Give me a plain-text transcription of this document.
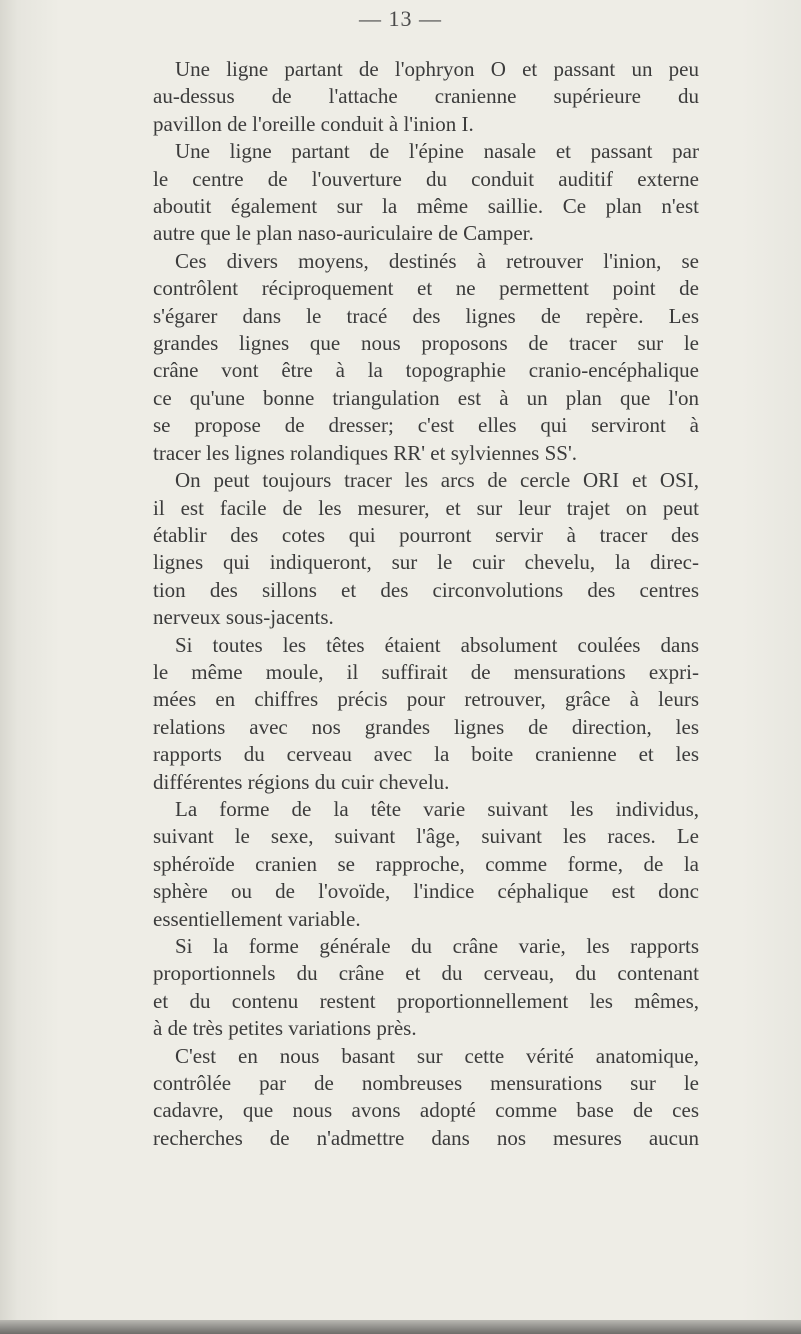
— 13 —
Une ligne partant de l'ophryon O et passant un peu
au-dessus de l'attache cranienne supérieure du
pavillon de l'oreille conduit à l'inion I.
Une ligne partant de l'épine nasale et passant par
le centre de l'ouverture du conduit auditif externe
aboutit également sur la même saillie. Ce plan n'est
autre que le plan naso-auriculaire de Camper.
Ces divers moyens, destinés à retrouver l'inion, se
contrôlent réciproquement et ne permettent point de
s'égarer dans le tracé des lignes de repère. Les
grandes lignes que nous proposons de tracer sur le
crâne vont être à la topographie cranio-encéphalique
ce qu'une bonne triangulation est à un plan que l'on
se propose de dresser; c'est elles qui serviront à
tracer les lignes rolandiques RR' et sylviennes SS'.
On peut toujours tracer les arcs de cercle ORI et OSI,
il est facile de les mesurer, et sur leur trajet on peut
établir des cotes qui pourront servir à tracer des
lignes qui indiqueront, sur le cuir chevelu, la direc-
tion des sillons et des circonvolutions des centres
nerveux sous-jacents.
Si toutes les têtes étaient absolument coulées dans
le même moule, il suffirait de mensurations expri-
mées en chiffres précis pour retrouver, grâce à leurs
relations avec nos grandes lignes de direction, les
rapports du cerveau avec la boite cranienne et les
différentes régions du cuir chevelu.
La forme de la tête varie suivant les individus,
suivant le sexe, suivant l'âge, suivant les races. Le
sphéroïde cranien se rapproche, comme forme, de la
sphère ou de l'ovoïde, l'indice céphalique est donc
essentiellement variable.
Si la forme générale du crâne varie, les rapports
proportionnels du crâne et du cerveau, du contenant
et du contenu restent proportionnellement les mêmes,
à de très petites variations près.
C'est en nous basant sur cette vérité anatomique,
contrôlée par de nombreuses mensurations sur le
cadavre, que nous avons adopté comme base de ces
recherches de n'admettre dans nos mesures aucun
